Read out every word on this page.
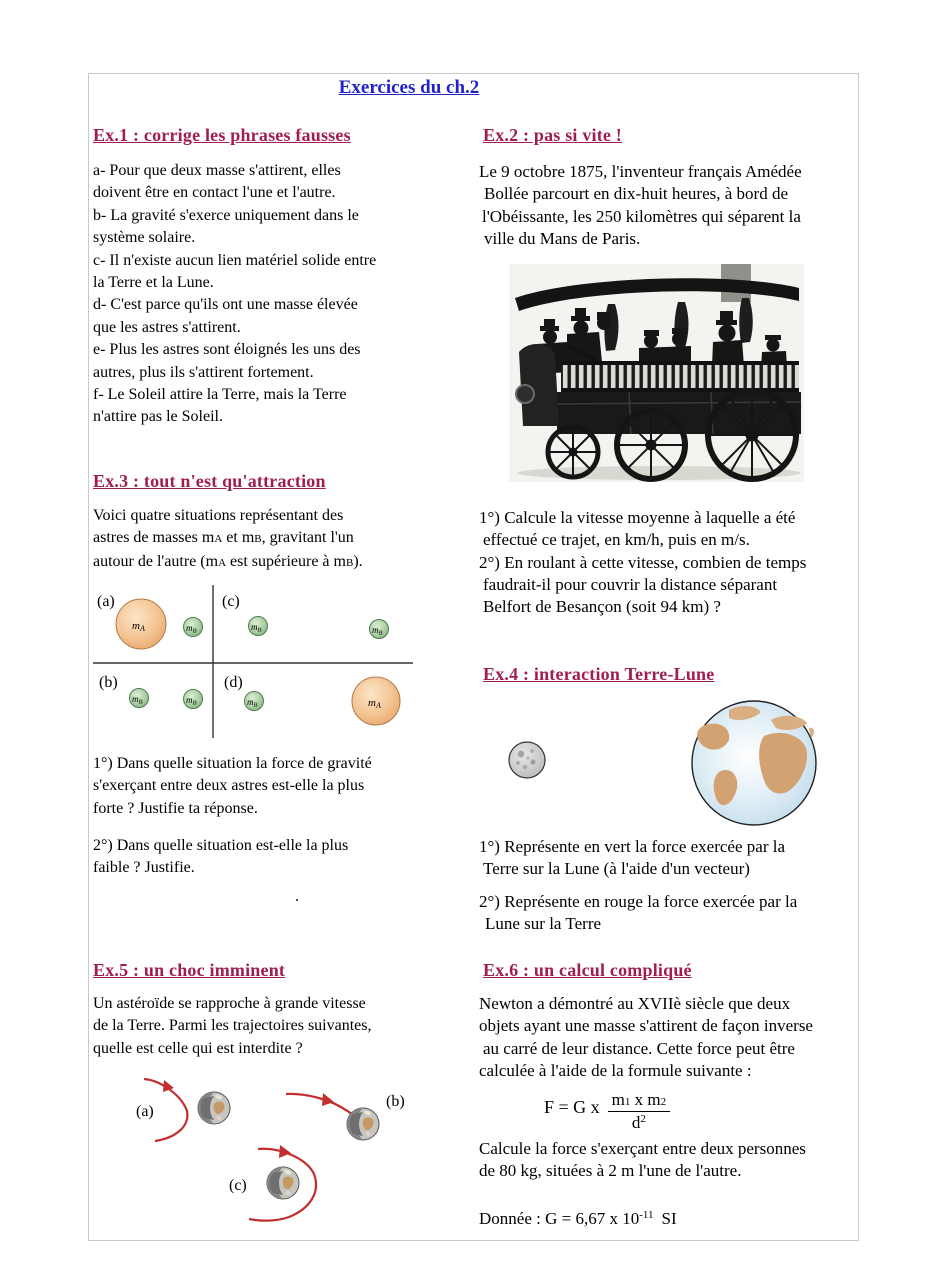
Exercices du ch.2
Ex.1 : corrige les phrases fausses
a- Pour que deux masse s'attirent, elles
doivent être en contact l'une et l'autre.
b- La gravité s'exerce uniquement dans le
système solaire.
c- Il n'existe aucun lien matériel solide entre
la Terre et la Lune.
d- C'est parce qu'ils ont une masse élevée
que les astres s'attirent.
e- Plus les astres sont éloignés les uns des
autres, plus ils s'attirent fortement.
f- Le Soleil attire la Terre, mais la Terre
n'attire pas le Soleil.
Ex.3 : tout n'est qu'attraction
Voici quatre situations représentant des
astres de masses mA et mB, gravitant l'un
autour de l'autre (mA est supérieure à mB).
(a)
mA	mB
(c)
mB	mB
(b)
mB	mB
(d)
mB	mA
1°) Dans quelle situation la force de gravité
s'exerçant entre deux astres est-elle la plus
forte ? Justifie ta réponse.
2°) Dans quelle situation est-elle la plus
faible ? Justifie.
.
Ex.5 : un choc imminent
Un astéroïde se rapproche à grande vitesse
de la Terre. Parmi les trajectoires suivantes,
quelle est celle qui est interdite ?
(a)
(b)
(c)
Ex.2 : pas si vite !
Le 9 octobre 1875, l'inventeur français Amédée
Bollée parcourt en dix-huit heures, à bord de
l'Obéissante, les 250 kilomètres qui séparent la
ville du Mans de Paris.
1°) Calcule la vitesse moyenne à laquelle a été
effectué ce trajet, en km/h, puis en m/s.
2°) En roulant à cette vitesse, combien de temps
faudrait-il pour couvrir la distance séparant
Belfort de Besançon (soit 94 km) ?
Ex.4 : interaction Terre-Lune
1°) Représente en vert la force exercée par la
Terre sur la Lune (à l'aide d'un vecteur)
2°) Représente en rouge la force exercée par la
Lune sur la Terre
Ex.6 : un calcul compliqué
Newton a démontré au XVIIè siècle que deux
objets ayant une masse s'attirent de façon inverse
au carré de leur distance. Cette force peut être
calculée à l'aide de la formule suivante :
F = G x $\frac{\text{m1 x m2}}{d^2}$
Calcule la force s'exerçant entre deux personnes
de 80 kg, situées à 2 m l'une de l'autre.
Donnée : G = 6,67 x $10^{-11}$ SI
